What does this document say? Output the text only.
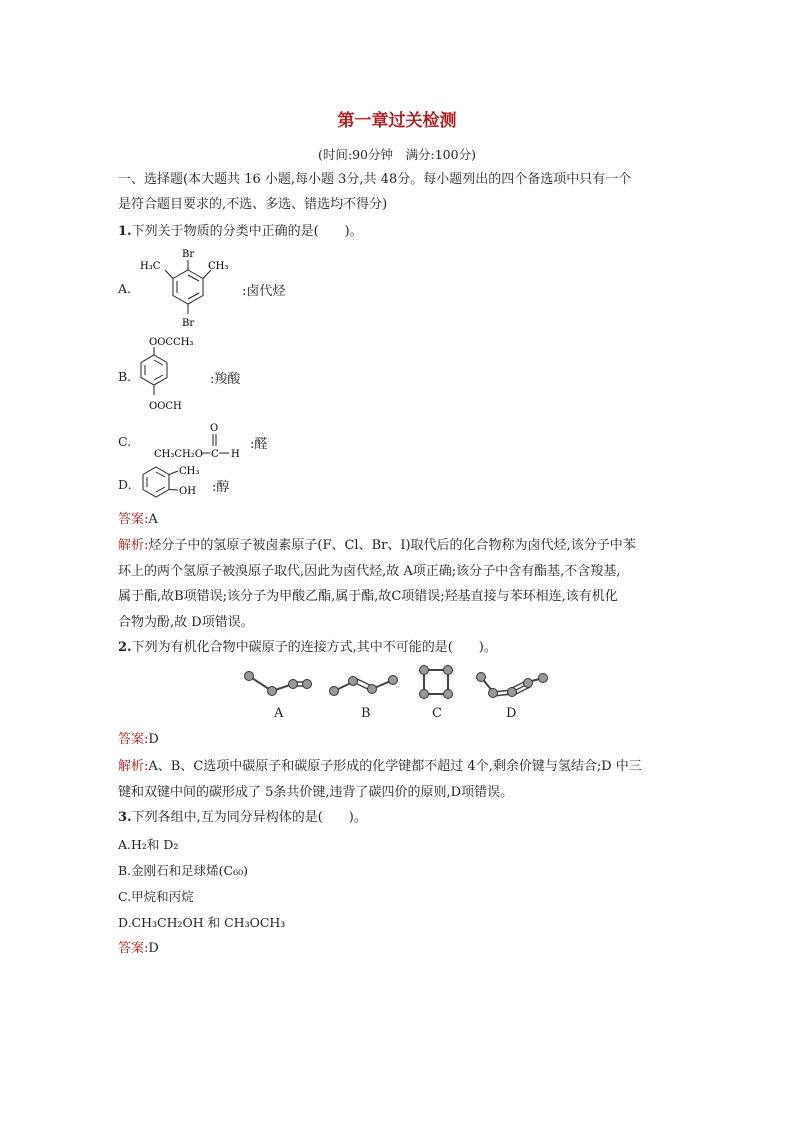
第一章过关检测
(时间:90分钟　满分:100分)
一、选择题(本大题共 16 小题,每小题 3分,共 48分。每小题列出的四个备选项中只有一个
是符合题目要求的,不选、多选、错选均不得分)
1.下列关于物质的分类中正确的是(　　)。
A.
Br
Br
H₃C	CH₃
:卤代烃
B.
OOCCH₃
OOCH
:羧酸
C.
CH₃CH₂O C H
O
:醛
D.
CH₃
OH :醇
答案:A
解析:烃分子中的氢原子被卤素原子(F、Cl、Br、I)取代后的化合物称为卤代烃,该分子中苯
环上的两个氢原子被溴原子取代,因此为卤代烃,故 A项正确;该分子中含有酯基,不含羧基,
属于酯,故B项错误;该分子为甲酸乙酯,属于酯,故C项错误;羟基直接与苯环相连,该有机化
合物为酚,故 D项错误。
2.下列为有机化合物中碳原子的连接方式,其中不可能的是(　　)。
A	B	C	D
答案:D
解析:A、B、C选项中碳原子和碳原子形成的化学键都不超过 4个,剩余价键与氢结合;D 中三
键和双键中间的碳形成了 5条共价键,违背了碳四价的原则,D项错误。
3.下列各组中,互为同分异构体的是(　　)。
A.H₂和 D₂
B.金刚石和足球烯(C₆₀)
C.甲烷和丙烷
D.CH₃CH₂OH 和 CH₃OCH₃
答案:D
